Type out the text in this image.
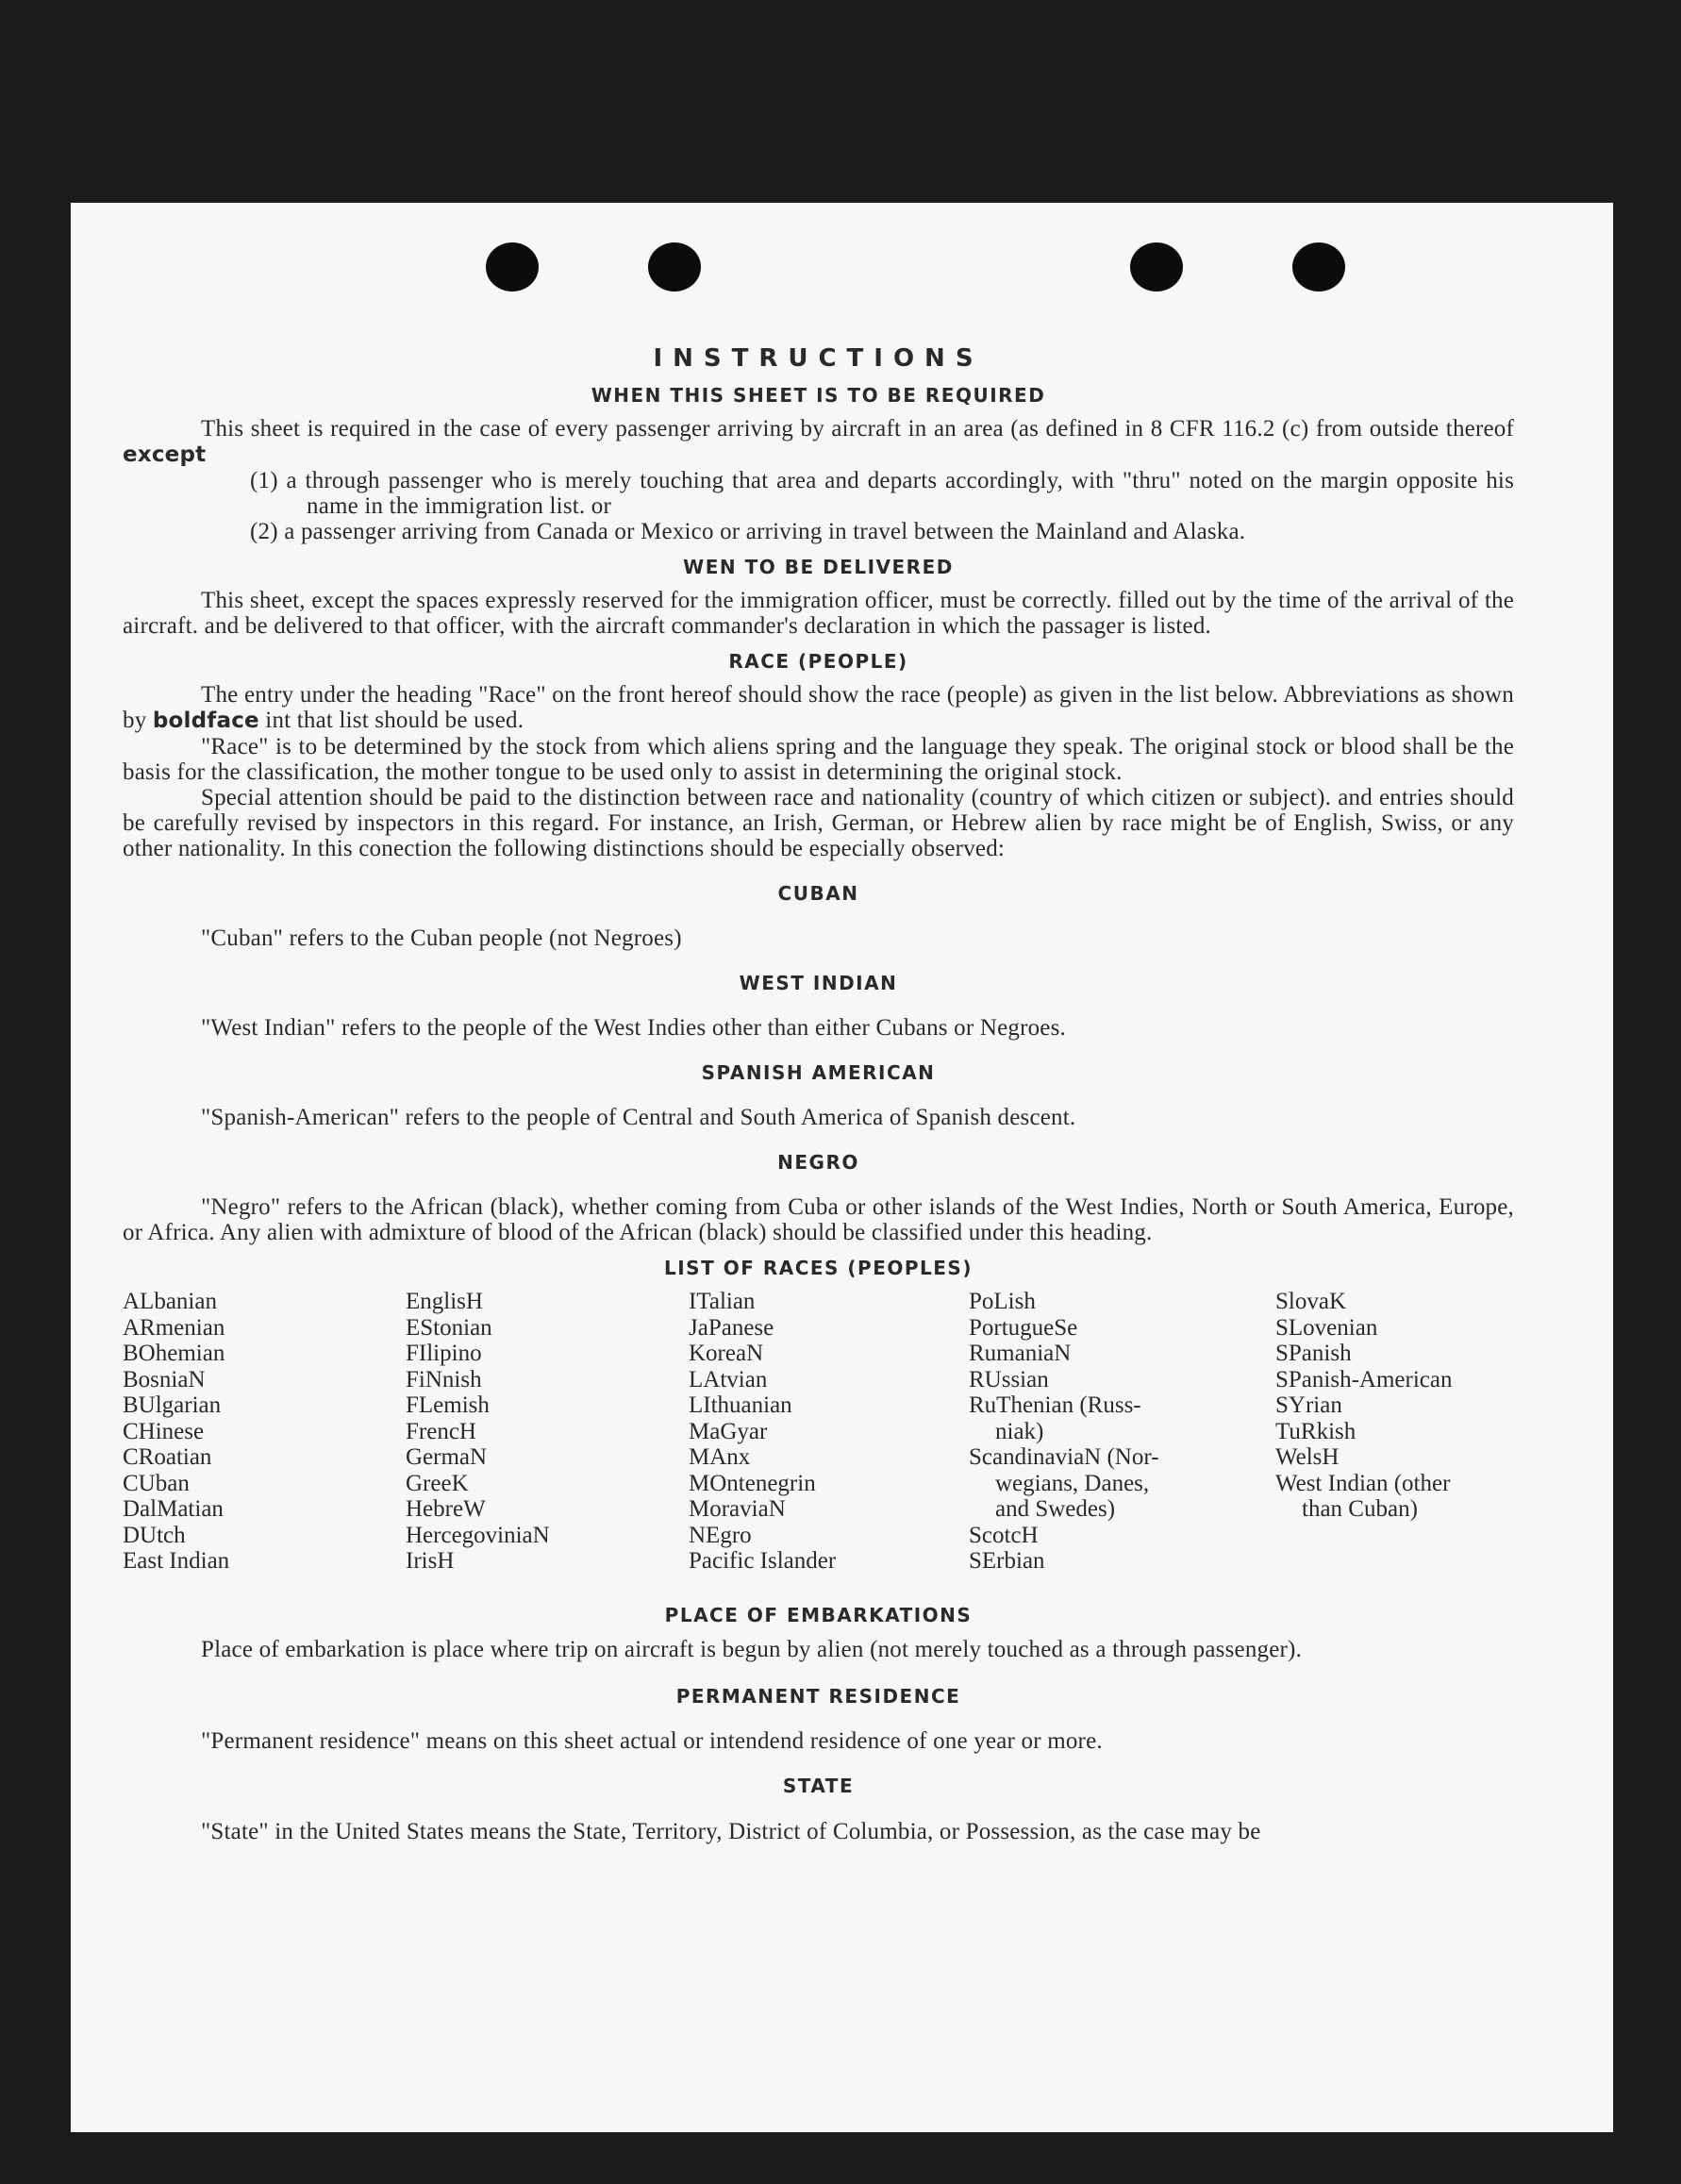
INSTRUCTIONS
WHEN THIS SHEET IS TO BE REQUIRED

This sheet is required in the case of every passenger arriving by aircraft in an area (as defined in 8 CFR 116.2 (c) from outside thereof except

(1) a through passenger who is merely touching that area and departs accordingly, with "thru" noted on the margin opposite his name in the immigration list. or

(2) a passenger arriving from Canada or Mexico or arriving in travel between the Mainland and Alaska.

WEN TO BE DELIVERED

This sheet, except the spaces expressly reserved for the immigration officer, must be correctly. filled out by the time of the arrival of the aircraft. and be delivered to that officer, with the aircraft commander's declaration in which the passager is listed.

RACE (PEOPLE)

The entry under the heading "Race" on the front hereof should show the race (people) as given in the list below. Abbreviations as shown by boldface int that list should be used.

"Race" is to be determined by the stock from which aliens spring and the language they speak. The original stock or blood shall be the basis for the classification, the mother tongue to be used only to assist in determining the original stock.

Special attention should be paid to the distinction between race and nationality (country of which citizen or subject). and entries should be carefully revised by inspectors in this regard. For instance, an Irish, German, or Hebrew alien by race might be of English, Swiss, or any other nationality. In this conection the following distinctions should be especially observed:

CUBAN

"Cuban" refers to the Cuban people (not Negroes)

WEST INDIAN

"West Indian" refers to the people of the West Indies other than either Cubans or Negroes.

SPANISH AMERICAN

"Spanish-American" refers to the people of Central and South America of Spanish descent.

NEGRO

"Negro" refers to the African (black), whether coming from Cuba or other islands of the West Indies, North or South America, Europe, or Africa. Any alien with admixture of blood of the African (black) should be classified under this heading.

LIST OF RACES (PEOPLES)
ALbanian
ARmenian
BOhemian
BosniaN
BUlgarian
CHinese
CRoatian
CUban
DalMatian
DUtch
East Indian
EnglisH
EStonian
FIlipino
FiNnish
FLemish
FrencH
GermaN
GreeK
HebreW
HercegoviniaN
IrisH
ITalian
JaPanese
KoreaN
LAtvian
LIthuanian
MaGyar
MAnx
MOntenegrin
MoraviaN
NEgro
Pacific Islander
PoLish
PortugueSe
RumaniaN
RUssian
RuThenian (Russ-
niak)
ScandinaviaN (Nor-
wegians, Danes,
and Swedes)
ScotcH
SErbian
SlovaK
SLovenian
SPanish
SPanish-American
SYrian
TuRkish
WelsH
West Indian (other
than Cuban)
PLACE OF EMBARKATIONS

Place of embarkation is place where trip on aircraft is begun by alien (not merely touched as a through passenger).

PERMANENT RESIDENCE

"Permanent residence" means on this sheet actual or intendend residence of one year or more.

STATE

"State" in the United States means the State, Territory, District of Columbia, or Possession, as the case may be
